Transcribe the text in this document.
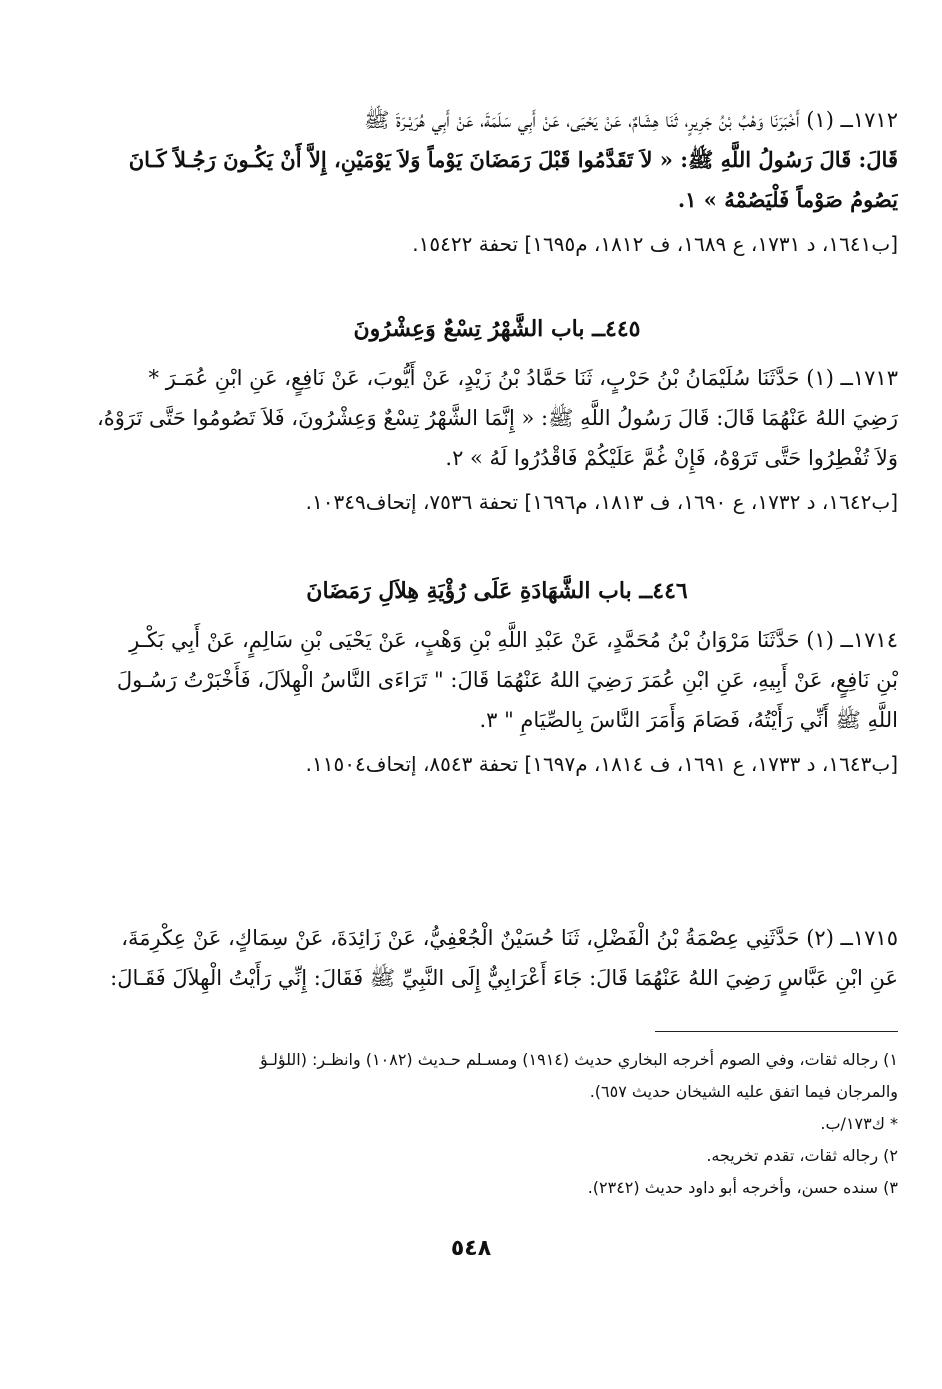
١٧١٢ــ (١) أَخْبَرَنَا وَهْبُ بْنُ جَرِيرٍ، ثَنَا هِشَامٌ، عَنْ يَحْيَى، عَنْ أَبِي سَلَمَةَ، عَنْ أَبِي هُرَيْـرَةَ ﷺ
قَالَ: قَالَ رَسُولُ اللَّهِ ﷺ: « لاَ تَقَدَّمُوا قَبْلَ رَمَضَانَ يَوْماً وَلاَ يَوْمَيْنِ، إِلاَّ أَنْ يَكُـونَ رَجُـلاً كَـانَ
يَصُومُ صَوْماً فَلْيَصُمْهُ » ١.
[ب١٦٤١، د ١٧٣١، ع ١٦٨٩، ف ١٨١٢، م١٦٩٥] تحفة ١٥٤٢٢.
٤٤٥ــ باب الشَّهْرُ تِسْعٌ وَعِشْرُونَ
١٧١٣ــ (١) حَدَّثَنَا سُلَيْمَانُ بْنُ حَرْبٍ، ثَنَا حَمَّادُ بْنُ زَيْدٍ، عَنْ أَيُّوبَ، عَنْ نَافِعٍ، عَنِ ابْنِ عُمَـرَ *
رَضِيَ اللهُ عَنْهُمَا قَالَ: قَالَ رَسُولُ اللَّهِ ﷺ: « إِنَّمَا الشَّهْرُ تِسْعٌ وَعِشْرُونَ، فَلاَ تَصُومُوا حَتَّى تَرَوْهُ،
وَلاَ تُفْطِرُوا حَتَّى تَرَوْهُ، فَإِنْ غُمَّ عَلَيْكُمْ فَاقْدُرُوا لَهُ » ٢.
[ب١٦٤٢، د ١٧٣٢، ع ١٦٩٠، ف ١٨١٣، م١٦٩٦] تحفة ٧٥٣٦، إتحاف١٠٣٤٩.
٤٤٦ــ باب الشَّهَادَةِ عَلَى رُؤْيَةِ هِلاَلِ رَمَضَانَ
١٧١٤ــ (١) حَدَّثَنَا مَرْوَانُ بْنُ مُحَمَّدٍ، عَنْ عَبْدِ اللَّهِ بْنِ وَهْبٍ، عَنْ يَحْيَى بْنِ سَالِمٍ، عَنْ أَبِي بَكْـرِ
بْنِ نَافِعٍ، عَنْ أَبِيهِ، عَنِ ابْنِ عُمَرَ رَضِيَ اللهُ عَنْهُمَا قَالَ: " تَرَاءَى النَّاسُ الْهِلاَلَ، فَأَخْبَرْتُ رَسُـولَ
اللَّهِ ﷺ أَنِّي رَأَيْتُهُ، فَصَامَ وَأَمَرَ النَّاسَ بِالصِّيَامِ " ٣.
[ب١٦٤٣، د ١٧٣٣، ع ١٦٩١، ف ١٨١٤، م١٦٩٧] تحفة ٨٥٤٣، إتحاف١١٥٠٤.
١٧١٥ــ (٢) حَدَّثَنِي عِصْمَةُ بْنُ الْفَضْلِ، ثَنَا حُسَيْنٌ الْجُعْفِيُّ، عَنْ زَائِدَةَ، عَنْ سِمَاكٍ، عَنْ عِكْرِمَةَ،
عَنِ ابْنِ عَبَّاسٍ رَضِيَ اللهُ عَنْهُمَا قَالَ: جَاءَ أَعْرَابِيٌّ إِلَى النَّبِيِّ ﷺ فَقَالَ: إِنِّي رَأَيْتُ الْهِلاَلَ فَقَـالَ:
١) رجاله ثقات، وفي الصوم أخرجه البخاري حديث (١٩١٤) ومسـلم حـديث (١٠٨٢) وانظـر: (اللؤلـؤ
والمرجان فيما اتفق عليه الشيخان حديث ٦٥٧).
* ك١٧٣/ب.
٢) رجاله ثقات، تقدم تخريجه.
٣) سنده حسن، وأخرجه أبو داود حديث (٢٣٤٢).
٥٤٨
